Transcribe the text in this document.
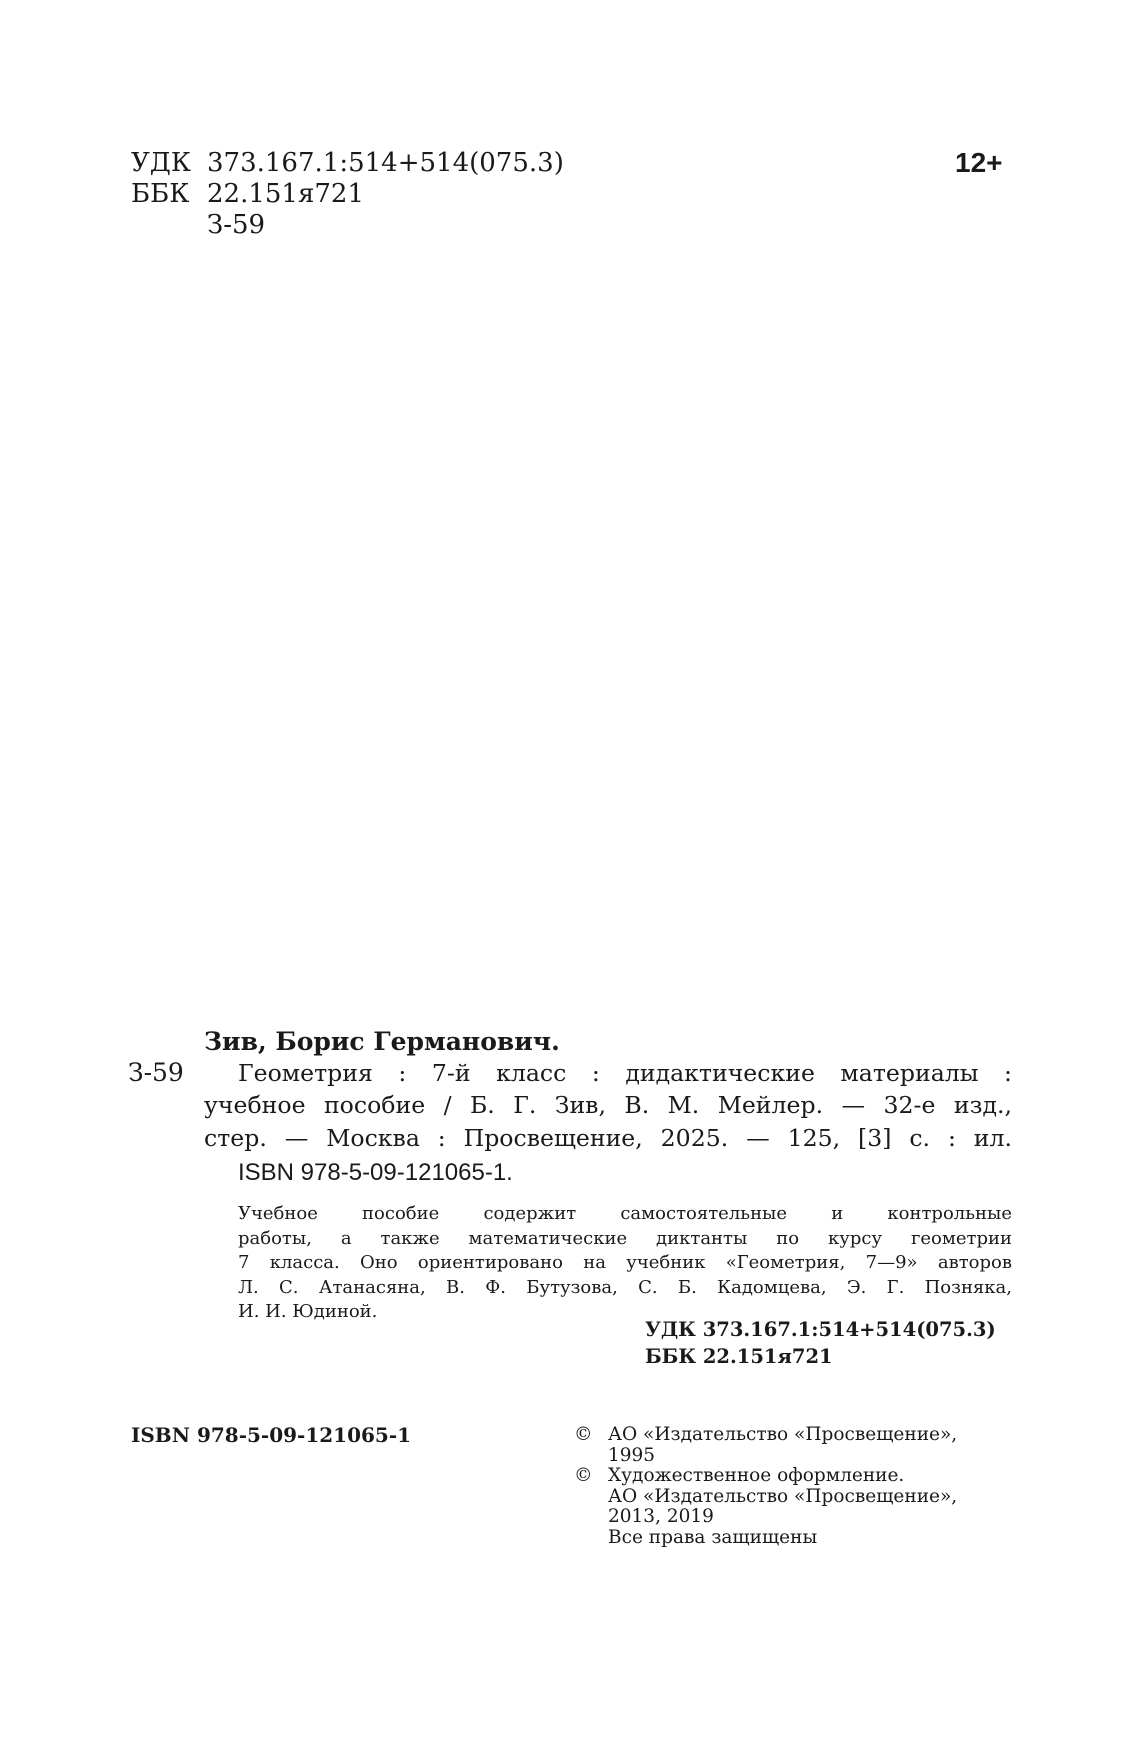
УДК 373.167.1:514+514(075.3)
ББК 22.151я721
З-59
12+
Зив, Борис Германович.
З-59 Геометрия : 7-й класс : дидактические материалы :
учебное пособие / Б. Г. Зив, В. М. Мейлер. — 32-е изд.,
стер. — Москва : Просвещение, 2025. — 125, [3] с. : ил.
ISBN 978-5-09-121065-1.
Учебное пособие содержит самостоятельные и контрольные
работы, а также математические диктанты по курсу геометрии
7 класса. Оно ориентировано на учебник «Геометрия, 7—9» авторов
Л. С. Атанасяна, В. Ф. Бутузова, С. Б. Кадомцева, Э. Г. Позняка,
И. И. Юдиной.
УДК 373.167.1:514+514(075.3)
ББК 22.151я721
ISBN 978-5-09-121065-1	© АО «Издательство «Просвещение»,
1995
© Художественное оформление.
АО «Издательство «Просвещение»,
2013, 2019
Все права защищены
